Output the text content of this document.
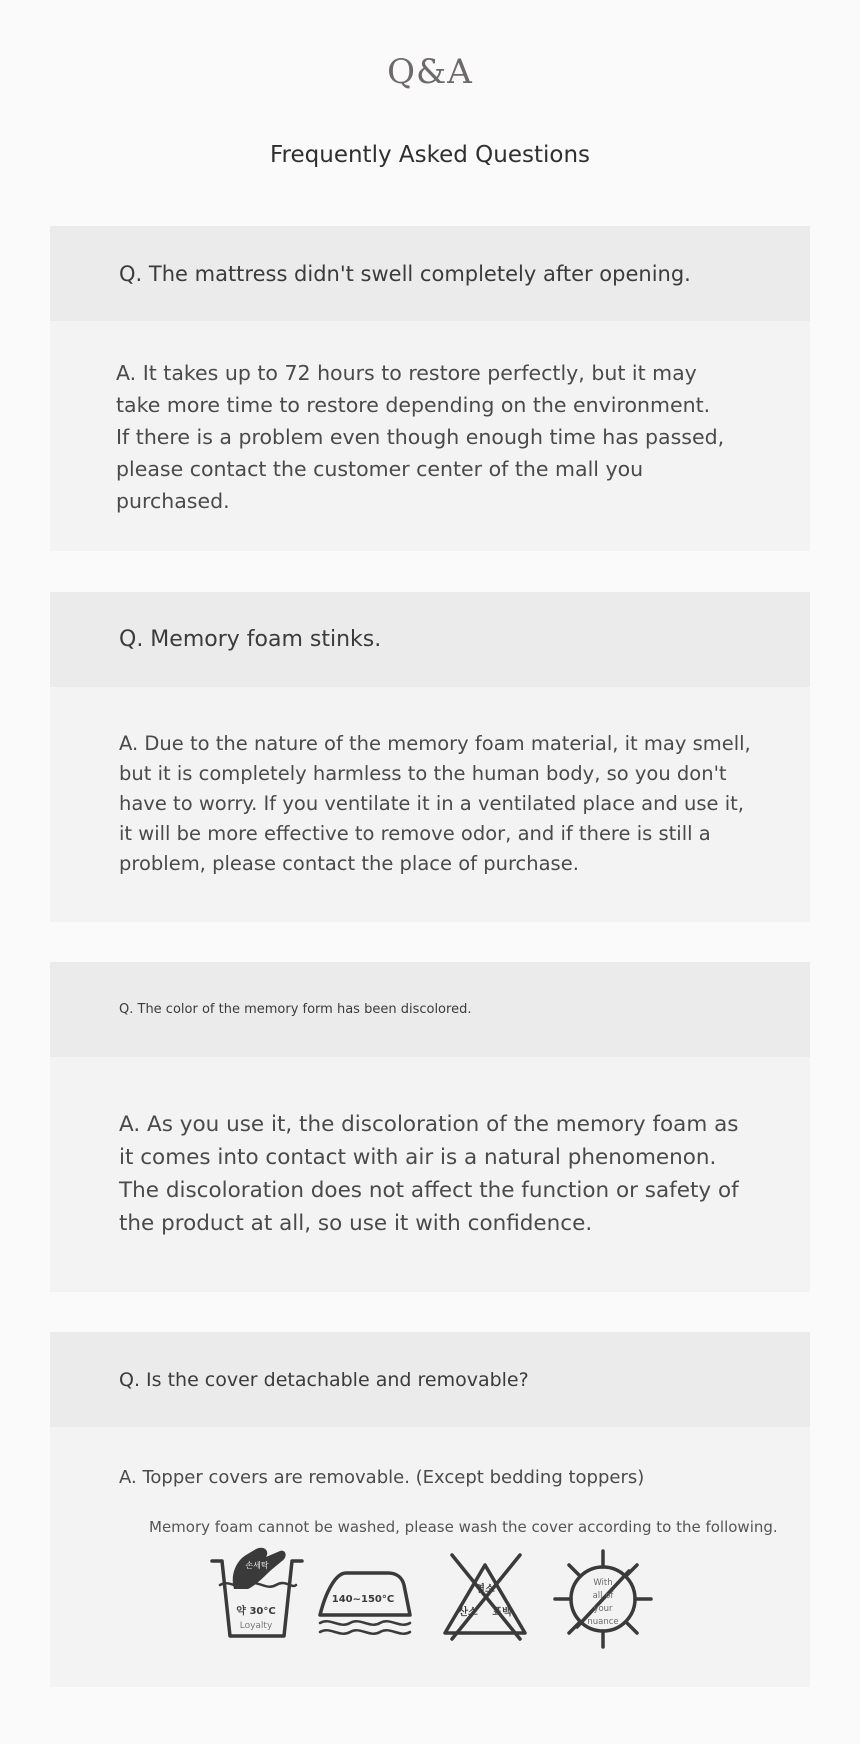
Q&A
Frequently Asked Questions
Q. The mattress didn't swell completely after opening.

A. It takes up to 72 hours to restore perfectly, but it may take more time to restore depending on the environment. If there is a problem even though enough time has passed, please contact the customer center of the mall you purchased.

Q. Memory foam stinks.

A. Due to the nature of the memory foam material, it may smell, but it is completely harmless to the human body, so you don't have to worry. If you ventilate it in a ventilated place and use it, it will be more effective to remove odor, and if there is still a problem, please contact the place of purchase.

Q. The color of the memory form has been discolored.

A. As you use it, the discoloration of the memory foam as it comes into contact with air is a natural phenomenon. The discoloration does not affect the function or safety of the product at all, so use it with confidence.

Q. Is the cover detachable and removable?

A. Topper covers are removable. (Except bedding toppers)

Memory foam cannot be washed, please wash the cover according to the following.

손세탁
약 30°C
Loyalty
140~150°C
염소
산소 표백
With
all of
your
nuance
